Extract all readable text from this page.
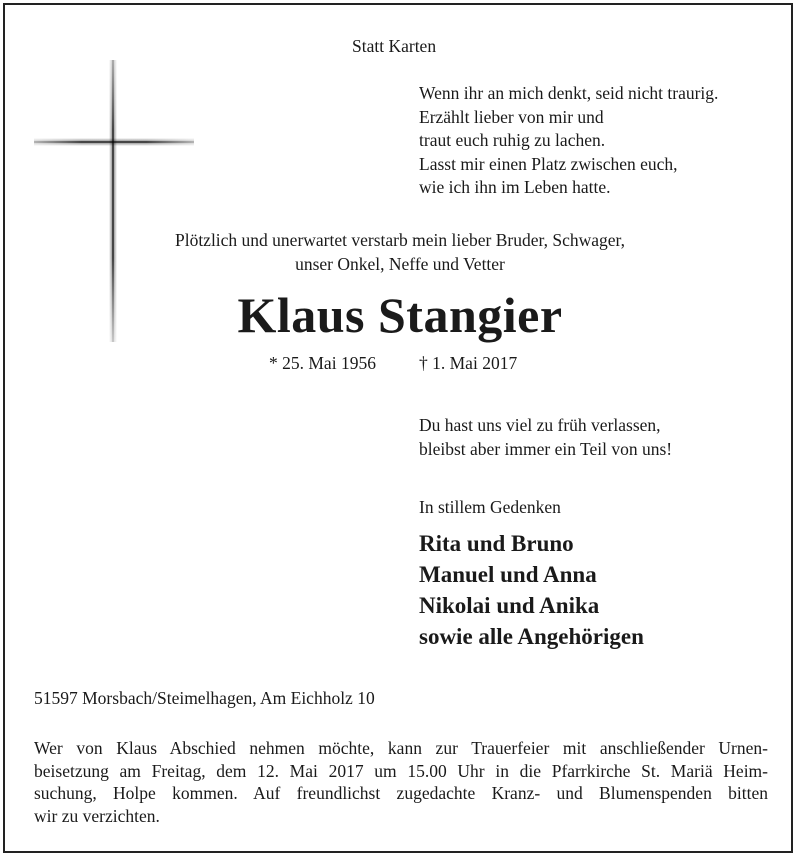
Statt Karten
Wenn ihr an mich denkt, seid nicht traurig.
Erzählt lieber von mir und
traut euch ruhig zu lachen.
Lasst mir einen Platz zwischen euch,
wie ich ihn im Leben hatte.
Plötzlich und unerwartet verstarb mein lieber Bruder, Schwager,
unser Onkel, Neffe und Vetter
Klaus Stangier
* 25. Mai 1956 † 1. Mai 2017
Du hast uns viel zu früh verlassen,
bleibst aber immer ein Teil von uns!
In stillem Gedenken
Rita und Bruno
Manuel und Anna
Nikolai und Anika
sowie alle Angehörigen
51597 Morsbach/Steimelhagen, Am Eichholz 10
Wer von Klaus Abschied nehmen möchte, kann zur Trauerfeier mit anschließender Urnen-
beisetzung am Freitag, dem 12. Mai 2017 um 15.00 Uhr in die Pfarrkirche St. Mariä Heim-
suchung, Holpe kommen. Auf freundlichst zugedachte Kranz- und Blumenspenden bitten
wir zu verzichten.
